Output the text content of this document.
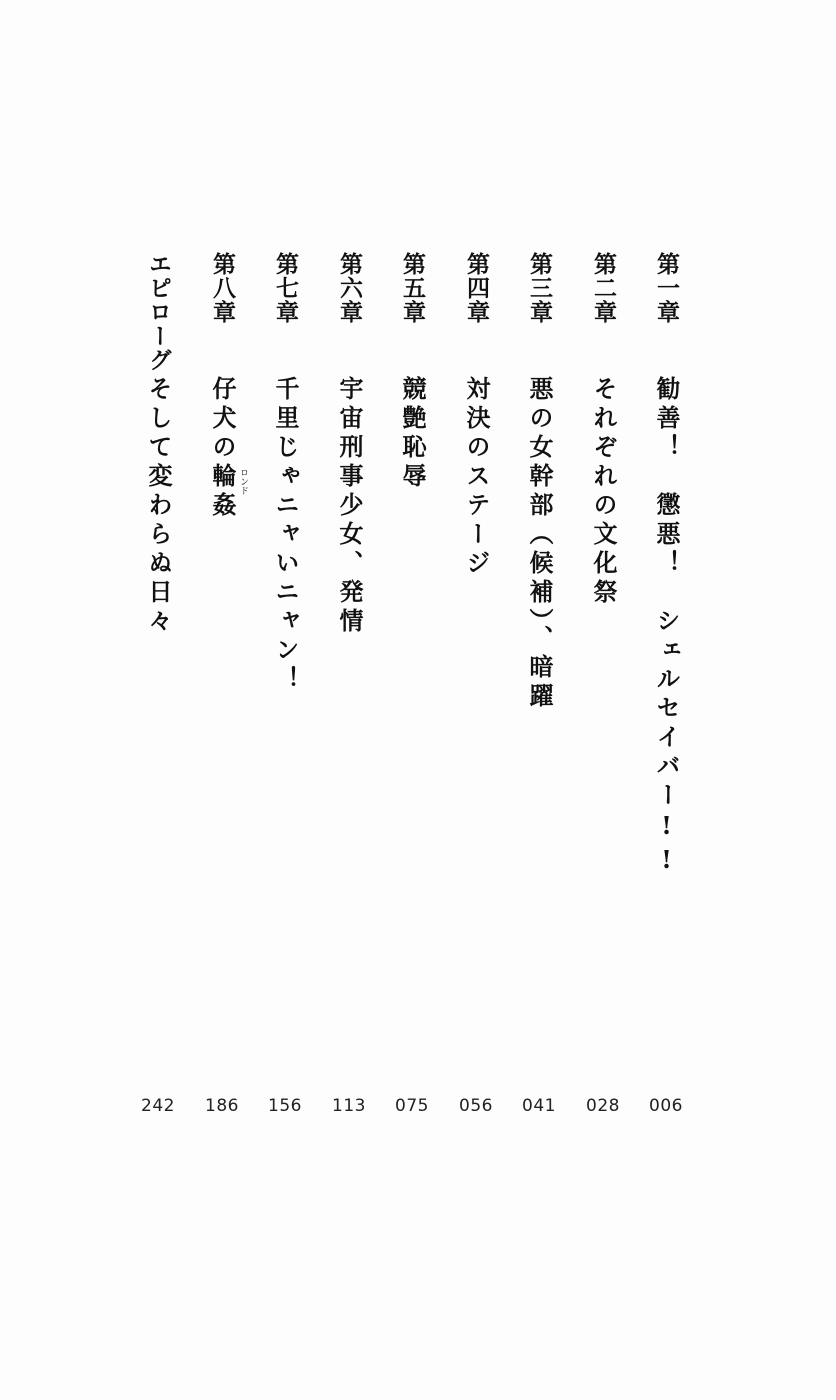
第一章
勧善！　懲悪！　シェルセイバー!!
006
第二章
それぞれの文化祭
028
第三章
悪の女幹部（候補）、暗躍
041
第四章
対決のステージ
056
第五章
競艶恥辱
075
第六章
宇宙刑事少女、発情
113
第七章
千里じゃニャいニャン！
156
第八章
仔犬の輪姦 ロンド
186
エピローグ
そして変わらぬ日々
242
